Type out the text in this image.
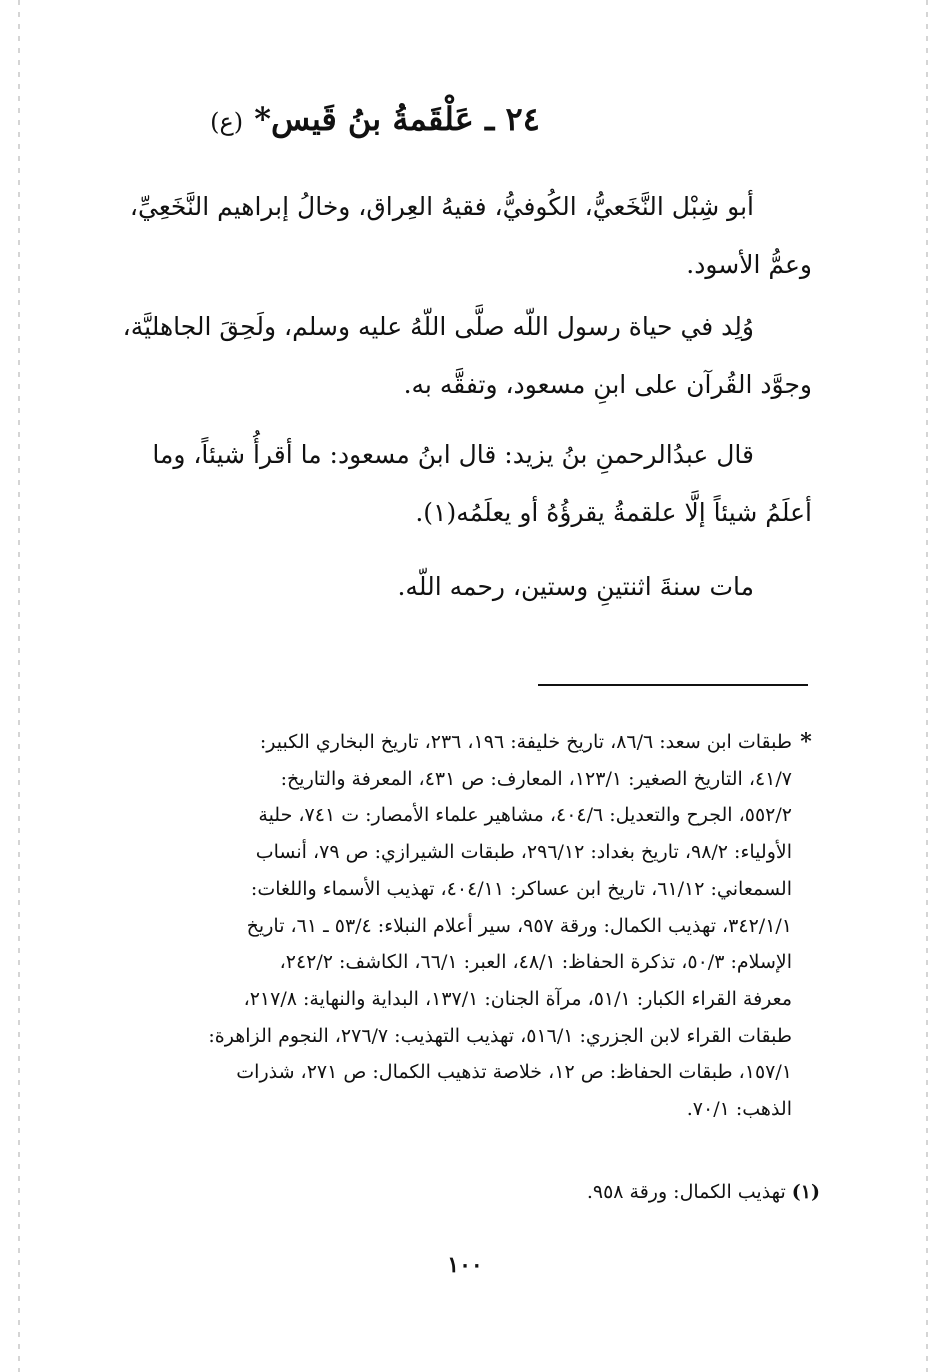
٢٤ ـ عَلْقَمةُ بنُ قَيس* (ع)
أبو شِبْل النَّخَعيُّ، الكُوفيُّ، فقيهُ العِراق، وخالُ إبراهيم النَّخَعِيِّ، وعمُّ الأسود.
وُلِد في حياة رسول اللّه صلَّى اللّهُ عليه وسلم، ولَحِقَ الجاهليَّة، وجوَّد القُرآن على ابنِ مسعود، وتفقَّه به.
قال عبدُالرحمنِ بنُ يزيد: قال ابنُ مسعود: ما أقرأُ شيئاً، وما أعلَمُ شيئاً إلَّا علقمةُ يقرؤُهُ أو يعلَمُه(١).
مات سنةَ اثنتينِ وستين، رحمه اللّه.
*
طبقات ابن سعد: ٨٦/٦، تاريخ خليفة: ١٩٦، ٢٣٦، تاريخ البخاري الكبير:
٤١/٧، التاريخ الصغير: ١٢٣/١، المعارف: ص ٤٣١، المعرفة والتاريخ:
٥٥٢/٢، الجرح والتعديل: ٤٠٤/٦، مشاهير علماء الأمصار: ت ٧٤١، حلية
الأولياء: ٩٨/٢، تاريخ بغداد: ٢٩٦/١٢، طبقات الشيرازي: ص ٧٩، أنساب
السمعاني: ٦١/١٢، تاريخ ابن عساكر: ٤٠٤/١١، تهذيب الأسماء واللغات:
٣٤٢/١/١، تهذيب الكمال: ورقة ٩٥٧، سير أعلام النبلاء: ٥٣/٤ ـ ٦١، تاريخ
الإسلام: ٥٠/٣، تذكرة الحفاظ: ٤٨/١، العبر: ٦٦/١، الكاشف: ٢٤٢/٢،
معرفة القراء الكبار: ٥١/١، مرآة الجنان: ١٣٧/١، البداية والنهاية: ٢١٧/٨،
طبقات القراء لابن الجزري: ٥١٦/١، تهذيب التهذيب: ٢٧٦/٧، النجوم الزاهرة:
١٥٧/١، طبقات الحفاظ: ص ١٢، خلاصة تذهيب الكمال: ص ٢٧١، شذرات
الذهب: ٧٠/١.
(١) تهذيب الكمال: ورقة ٩٥٨.
١٠٠
